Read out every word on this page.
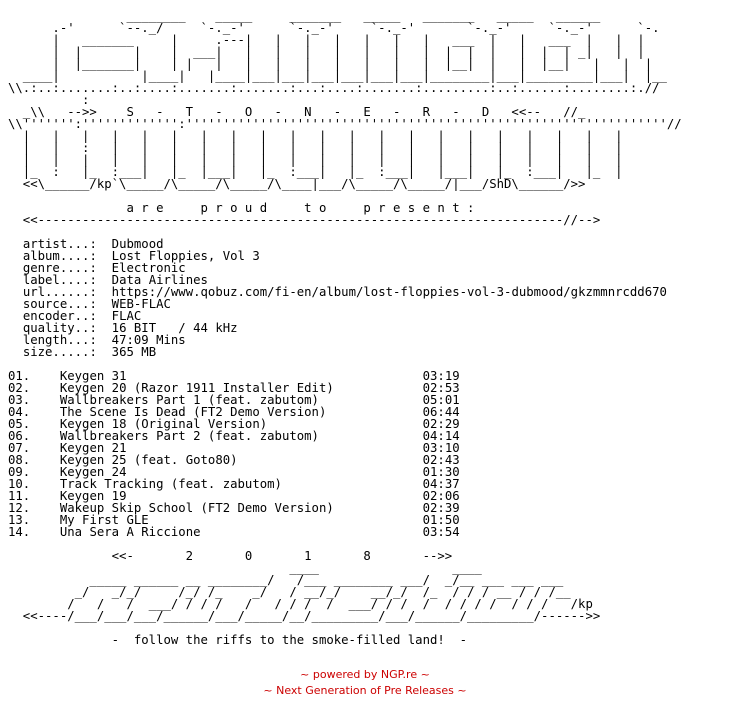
________    _____     _______   _____   _______   _____   ______
.-'      `--._/     `-._-'      `-._-'     `-._-'       `-._-'     `-._-'      `-.
|   _______     |     .---|   |   |   |   |   |   |   ___  |   |   ___  |   |  |
|  |       |    |  ___|   |   |   |   |   |   |   |  |  |  |   |  |  | _|   |  |
|  |_______|    | |   |   |   |   |   |   |   |   |  |__|  |   |  |__|   |   |  |
____|           |____|   |____|___|___|___|___|___|___|________|___|_________|___|  |__
\\.:..:.......:..:....:.......:.......:...:....:.......:.........:..:......:........:.//
:
_\\   -->>    S   -   T   -   O   -   N   -   E   -   R   -   D   <<--   //_
\\''''''':''''''''''''':'''''''''''''''''''''''''''''''''''''''''''''''''''''''''''''''''//
|   |   |   |   |   |   |   |   |   |   |   |   |   |   |   |   |   |   |   |   |
|   |   :   |   |   |   |   |   |   |   |   |   |   |   |   |   |   |   |   |   |
|   |   |   |   |   |   |   |   |   |   |   |   |   |   |   |   |   |   |   |   |
|_  :   |_  :___|   |_  |___|   |_  :___|   |_  :___|   |___|   |_  :___|   |_  |
<<\______/kp`\_____/\_____/\_____/\____|___/\_____/\_____/|___/ShD\______/>>

a r e     p r o u d     t o     p r e s e n t :
<<-----------------------------------------------------------------------//-->

artist...: Dubmood
album....: Lost Floppies, Vol 3
genre....: Electronic
label....: Data Airlines
url......: https://www.qobuz.com/fi-en/album/lost-floppies-vol-3-dubmood/gkzmmnrcdd670
source...: WEB-FLAC
encoder..: FLAC
quality..: 16 BIT   / 44 kHz
length...: 47:09 Mins
size.....: 365 MB

01. Keygen 31                                        03:19
02. Keygen 20 (Razor 1911 Installer Edit)            02:53
03. Wallbreakers Part 1 (feat. zabutom)              05:01
04. The Scene Is Dead (FT2 Demo Version)             06:44
05. Keygen 18 (Original Version)                     02:29
06. Wallbreakers Part 2 (feat. zabutom)              04:14
07. Keygen 21                                        03:10
08. Keygen 25 (feat. Goto80)                         02:43
09. Keygen 24                                        01:30
10. Track Tracking (feat. zabutom)                   04:37
11. Keygen 19                                        02:06
12. Wakeup Skip School (FT2 Demo Version)            02:39
13. My First GLE                                     01:50
14. Una Sera A Riccione                              03:54

<<-       2       0       1       8       -->>
____                  ____
_____ ______ __ ________/   /___ ________ ___/  _/__ ___ ___ ___
_/   _/_/     /_/ /_    _/   / __/_/    __/_/  /_  / / / __ / / /__
/   /   /  ___/ / / /   /   / / /  /  ___/ / /  /  / / / /  / / /   /kp
<<----/___/___/___/______/___/_____/__/_________/___/______/_________/------>>

-  follow the riffs to the smoke-filled land!  -
~ powered by NGP.re ~
~ Next Generation of Pre Releases ~
